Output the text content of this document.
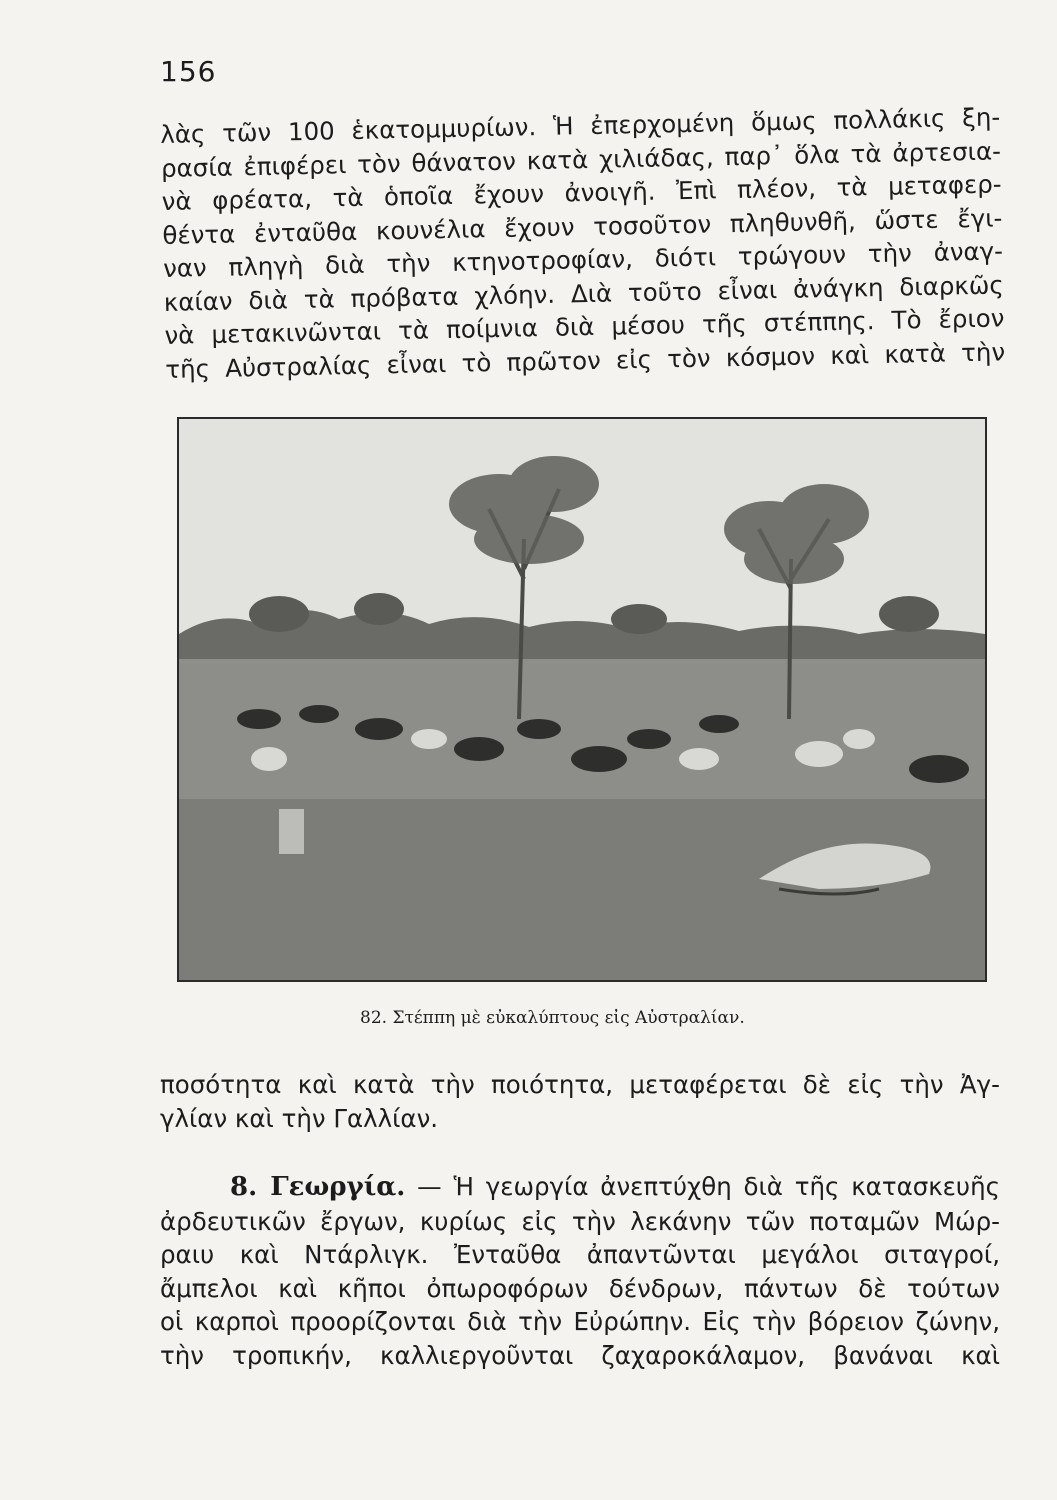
156
λὰς τῶν 100 ἑκατομμυρίων. Ἡ ἐπερχομένη ὅμως πολλάκις ξη-
ρασία ἐπιφέρει τὸν θάνατον κατὰ χιλιάδας, παρ᾽ ὅλα τὰ ἀρτεσια-
νὰ φρέατα, τὰ ὁποῖα ἔχουν ἀνοιγῆ. Ἐπὶ πλέον, τὰ μεταφερ-
θέντα ἐνταῦθα κουνέλια ἔχουν τοσοῦτον πληθυνθῆ, ὥστε ἔγι-
ναν πληγὴ διὰ τὴν κτηνοτροφίαν, διότι τρώγουν τὴν ἀναγ-
καίαν διὰ τὰ πρόβατα χλόην. Διὰ τοῦτο εἶναι ἀνάγκη διαρκῶς
νὰ μετακινῶνται τὰ ποίμνια διὰ μέσου τῆς στέππης. Τὸ ἔριον
τῆς Αὐστραλίας εἶναι τὸ πρῶτον εἰς τὸν κόσμον καὶ κατὰ τὴν
82. Στέππη μὲ εὐκαλύπτους εἰς Αὐστραλίαν.
ποσότητα καὶ κατὰ τὴν ποιότητα, μεταφέρεται δὲ εἰς τὴν Ἀγ-
γλίαν καὶ τὴν Γαλλίαν.
8. Γεωργία. — Ἡ γεωργία ἀνεπτύχθη διὰ τῆς κατασκευῆς
ἀρδευτικῶν ἔργων, κυρίως εἰς τὴν λεκάνην τῶν ποταμῶν Μώρ-
ραιυ καὶ Ντάρλιγκ. Ἐνταῦθα ἀπαντῶνται μεγάλοι σιταγροί,
ἄμπελοι καὶ κῆποι ὀπωροφόρων δένδρων, πάντων δὲ τούτων
οἱ καρποὶ προορίζονται διὰ τὴν Εὐρώπην. Εἰς τὴν βόρειον ζώνην,
τὴν τροπικήν, καλλιεργοῦνται ζαχαροκάλαμον, βανάναι καὶ
